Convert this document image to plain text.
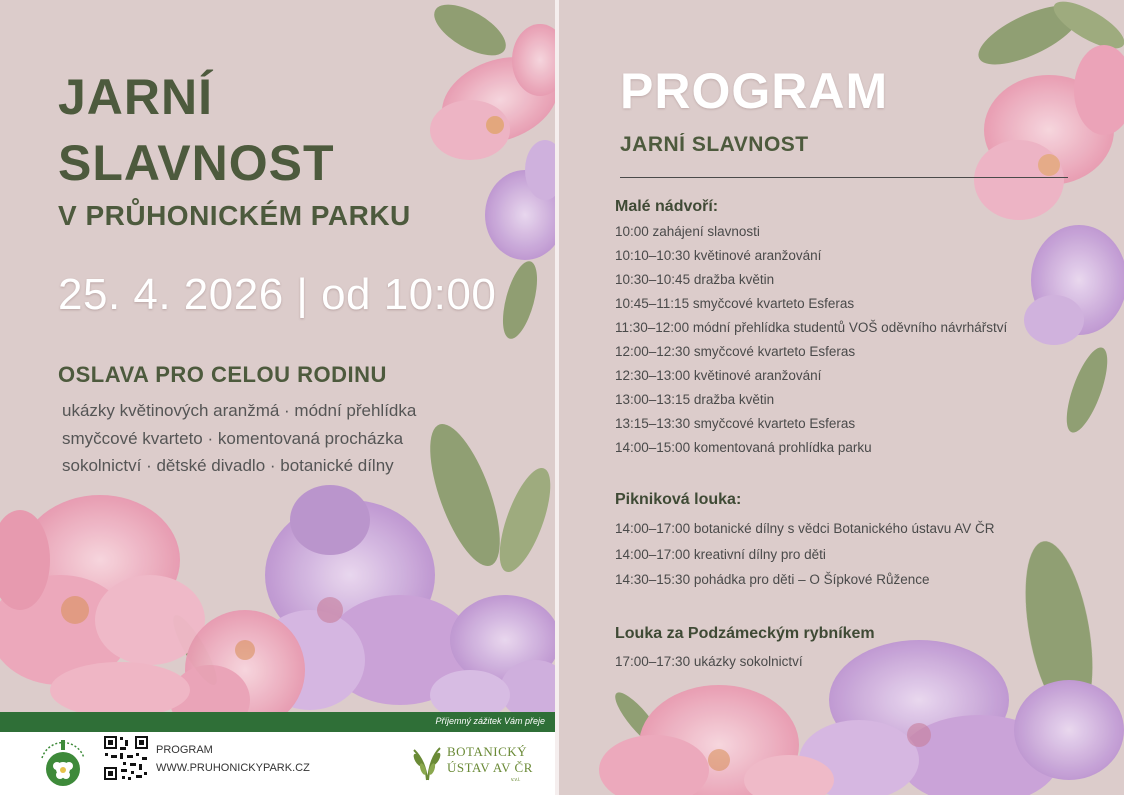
JARNÍ
SLAVNOST
V PRŮHONICKÉM PARKU
25. 4. 2026 | od 10:00
OSLAVA PRO CELOU RODINU
ukázky květinových aranžmá · módní přehlídka
smyčcové kvarteto · komentovaná procházka
sokolnictví · dětské divadlo · botanické dílny
Příjemný zážitek Vám přeje
PROGRAM
WWW.PRUHONICKYPARK.CZ
BOTANICKÝ
ÚSTAV AV ČR
v.v.i.
PROGRAM
JARNÍ SLAVNOST
Malé nádvoří:
10:00 zahájení slavnosti
10:10–10:30 květinové aranžování
10:30–10:45 dražba květin
10:45–11:15 smyčcové kvarteto Esferas
11:30–12:00 módní přehlídka studentů VOŠ oděvního návrhářství
12:00–12:30 smyčcové kvarteto Esferas
12:30–13:00 květinové aranžování
13:00–13:15 dražba květin
13:15–13:30 smyčcové kvarteto Esferas
14:00–15:00 komentovaná prohlídka parku
Pikniková louka:
14:00–17:00 botanické dílny s vědci Botanického ústavu AV ČR
14:00–17:00 kreativní dílny pro děti
14:30–15:30 pohádka pro děti – O Šípkové Růžence
Louka za Podzámeckým rybníkem
17:00–17:30 ukázky sokolnictví
